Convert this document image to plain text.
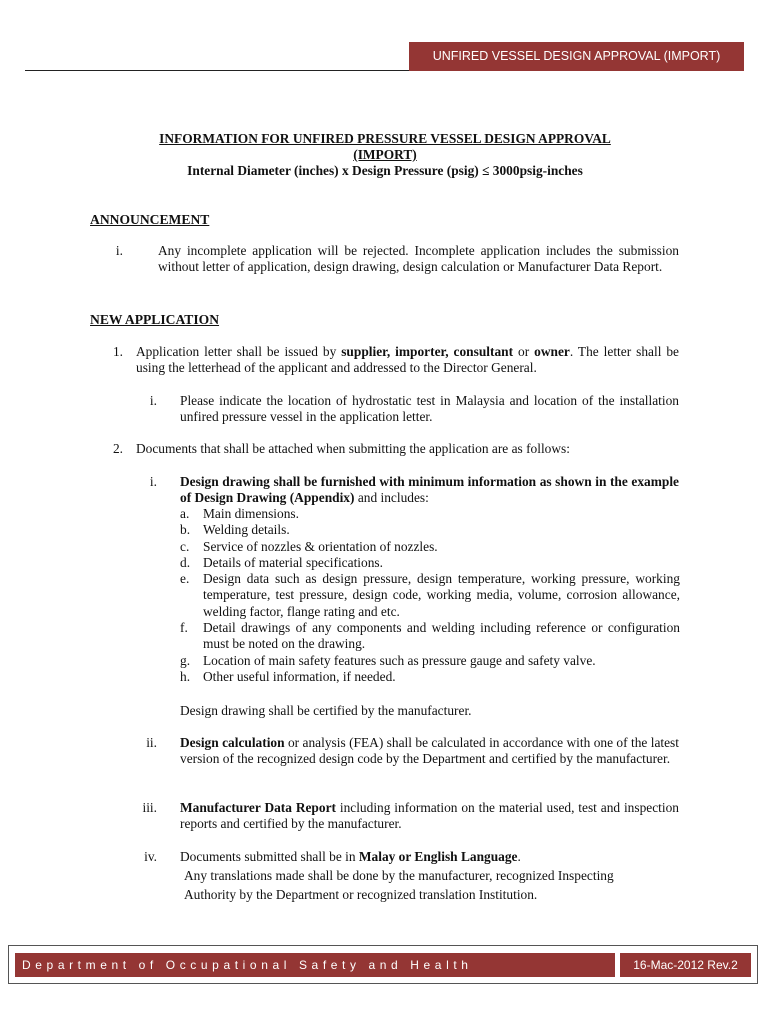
UNFIRED VESSEL DESIGN APPROVAL (IMPORT)
INFORMATION FOR UNFIRED PRESSURE VESSEL DESIGN APPROVAL
(IMPORT)
Internal Diameter (inches) x Design Pressure (psig) ≤ 3000psig-inches
ANNOUNCEMENT
i.	Any incomplete application will be rejected. Incomplete application includes the submission without letter of application, design drawing, design calculation or Manufacturer Data Report.
NEW APPLICATION
1. Application letter shall be issued by supplier, importer, consultant or owner. The letter shall be using the letterhead of the applicant and addressed to the Director General.
i. Please indicate the location of hydrostatic test in Malaysia and location of the installation unfired pressure vessel in the application letter.
2. Documents that shall be attached when submitting the application are as follows:
i. Design drawing shall be furnished with minimum information as shown in the example of Design Drawing (Appendix) and includes:
a. Main dimensions.
b. Welding details.
c. Service of nozzles & orientation of nozzles.
d. Details of material specifications.
e. Design data such as design pressure, design temperature, working pressure, working temperature, test pressure, design code, working media, volume, corrosion allowance, welding factor, flange rating and etc.
f. Detail drawings of any components and welding including reference or configuration must be noted on the drawing.
g. Location of main safety features such as pressure gauge and safety valve.
h. Other useful information, if needed.
Design drawing shall be certified by the manufacturer.
ii. Design calculation or analysis (FEA) shall be calculated in accordance with one of the latest version of the recognized design code by the Department and certified by the manufacturer.
iii. Manufacturer Data Report including information on the material used, test and inspection reports and certified by the manufacturer.
iv. Documents submitted shall be in Malay or English Language.
Any translations made shall be done by the manufacturer, recognized Inspecting
Authority by the Department or recognized translation Institution.
Department of Occupational Safety and Health	16-Mac-2012 Rev.2
